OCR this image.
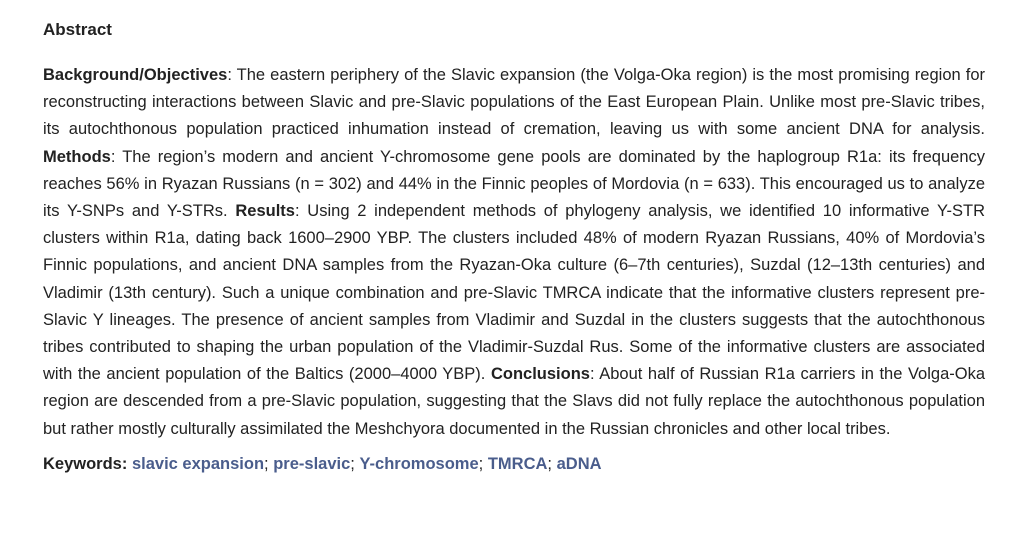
Abstract

Background/Objectives: The eastern periphery of the Slavic expansion (the Volga-Oka region) is the most promising region for reconstructing interactions between Slavic and pre-Slavic populations of the East European Plain. Unlike most pre-Slavic tribes, its autochthonous population practiced inhumation instead of cremation, leaving us with some ancient DNA for analysis. Methods: The region’s modern and ancient Y-chromosome gene pools are dominated by the haplogroup R1a: its frequency reaches 56% in Ryazan Russians (n = 302) and 44% in the Finnic peoples of Mordovia (n = 633). This encouraged us to analyze its Y-SNPs and Y-STRs. Results: Using 2 independent methods of phylogeny analysis, we identified 10 informative Y-STR clusters within R1a, dating back 1600–2900 YBP. The clusters included 48% of modern Ryazan Russians, 40% of Mordovia’s Finnic populations, and ancient DNA samples from the Ryazan-Oka culture (6–7th centuries), Suzdal (12–13th centuries) and Vladimir (13th century). Such a unique combination and pre-Slavic TMRCA indicate that the informative clusters represent pre-Slavic Y lineages. The presence of ancient samples from Vladimir and Suzdal in the clusters suggests that the autochthonous tribes contributed to shaping the urban population of the Vladimir-Suzdal Rus. Some of the informative clusters are associated with the ancient population of the Baltics (2000–4000 YBP). Conclusions: About half of Russian R1a carriers in the Volga-Oka region are descended from a pre-Slavic population, suggesting that the Slavs did not fully replace the autochthonous population but rather mostly culturally assimilated the Meshchyora documented in the Russian chronicles and other local tribes.

Keywords: slavic expansion; pre-slavic; Y-chromosome; TMRCA; aDNA
